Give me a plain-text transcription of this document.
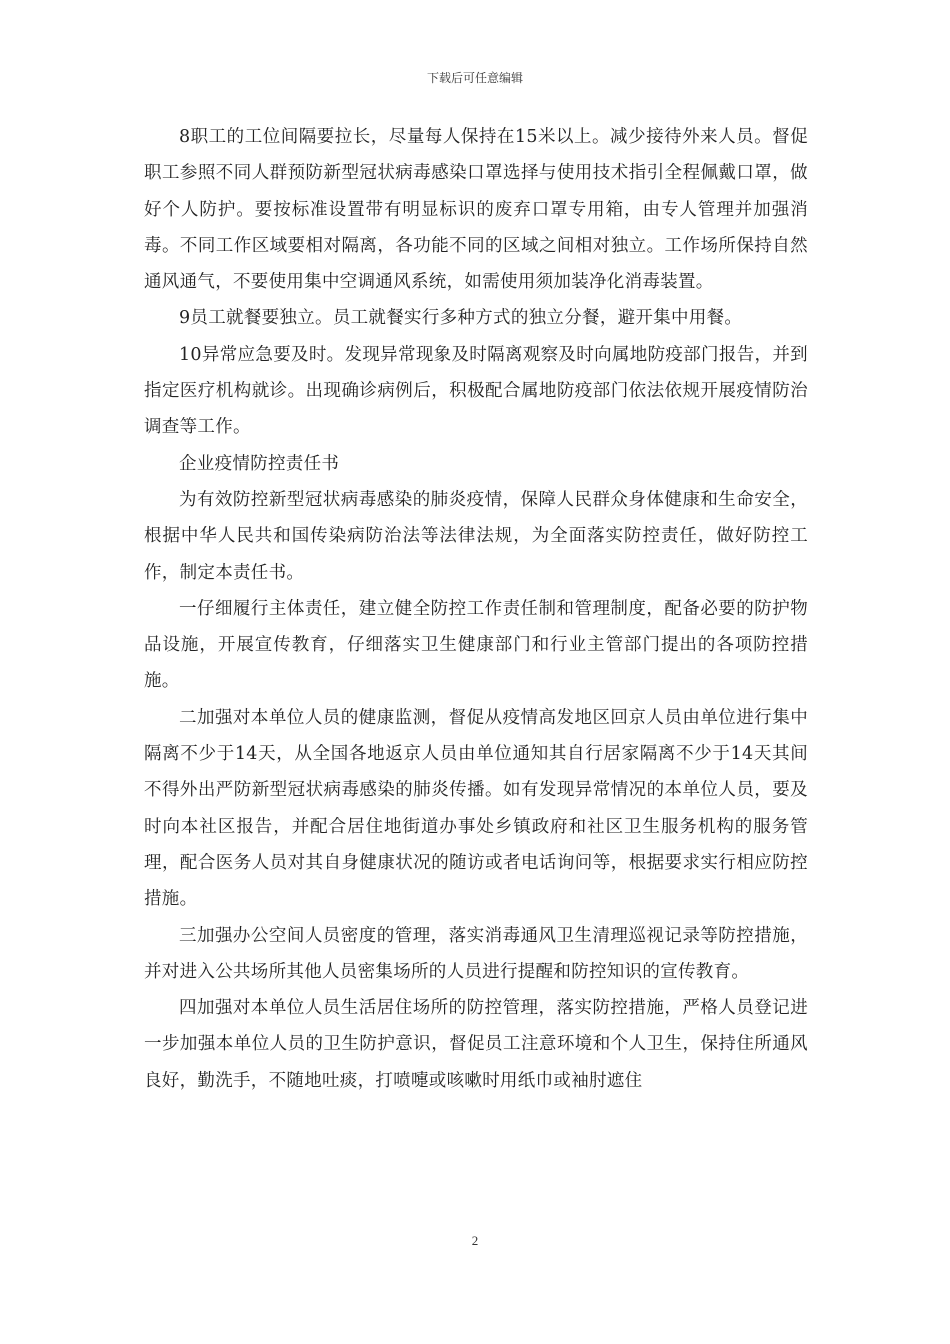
下载后可任意编辑

8职工的工位间隔要拉长，尽量每人保持在15米以上。减少接待外来人员。督促职工参照不同人群预防新型冠状病毒感染口罩选择与使用技术指引全程佩戴口罩，做好个人防护。要按标准设置带有明显标识的废弃口罩专用箱，由专人管理并加强消毒。不同工作区域要相对隔离，各功能不同的区域之间相对独立。工作场所保持自然通风通气，不要使用集中空调通风系统，如需使用须加装净化消毒装置。

9员工就餐要独立。员工就餐实行多种方式的独立分餐，避开集中用餐。

10异常应急要及时。发现异常现象及时隔离观察及时向属地防疫部门报告，并到指定医疗机构就诊。出现确诊病例后，积极配合属地防疫部门依法依规开展疫情防治调查等工作。

企业疫情防控责任书

为有效防控新型冠状病毒感染的肺炎疫情，保障人民群众身体健康和生命安全，根据中华人民共和国传染病防治法等法律法规，为全面落实防控责任，做好防控工作，制定本责任书。

一仔细履行主体责任，建立健全防控工作责任制和管理制度，配备必要的防护物品设施，开展宣传教育，仔细落实卫生健康部门和行业主管部门提出的各项防控措施。

二加强对本单位人员的健康监测，督促从疫情高发地区回京人员由单位进行集中隔离不少于14天，从全国各地返京人员由单位通知其自行居家隔离不少于14天其间不得外出严防新型冠状病毒感染的肺炎传播。如有发现异常情况的本单位人员，要及时向本社区报告，并配合居住地街道办事处乡镇政府和社区卫生服务机构的服务管理，配合医务人员对其自身健康状况的随访或者电话询问等，根据要求实行相应防控措施。

三加强办公空间人员密度的管理，落实消毒通风卫生清理巡视记录等防控措施，并对进入公共场所其他人员密集场所的人员进行提醒和防控知识的宣传教育。

四加强对本单位人员生活居住场所的防控管理，落实防控措施，严格人员登记进一步加强本单位人员的卫生防护意识，督促员工注意环境和个人卫生，保持住所通风良好，勤洗手，不随地吐痰，打喷嚏或咳嗽时用纸巾或袖肘遮住

2
